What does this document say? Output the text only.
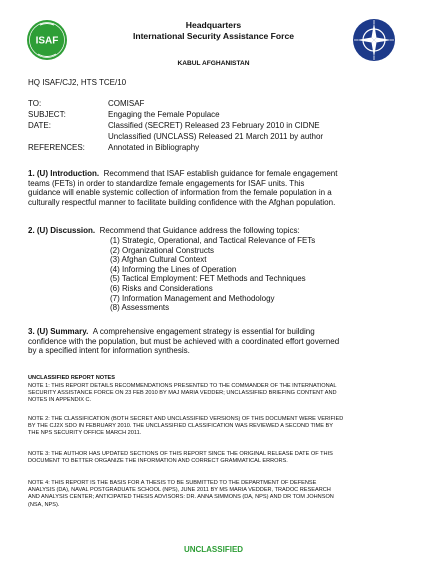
ISAF
Headquarters
International Security Assistance Force
KABUL AFGHANISTAN
HQ ISAF/CJ2, HTS TCE/10
TO:	COMISAF
SUBJECT:	Engaging the Female Populace
DATE:	Classified (SECRET) Released 23 February 2010 in CIDNE
Unclassified (UNCLASS) Released 21 March 2011 by author
REFERENCES:	Annotated in Bibliography
1. (U) Introduction. Recommend that ISAF establish guidance for female engagement
teams (FETs) in order to standardize female engagements for ISAF units. This
guidance will enable systemic collection of information from the female population in a
culturally respectful manner to facilitate building confidence with the Afghan population.
2. (U) Discussion. Recommend that Guidance address the following topics:
(1) Strategic, Operational, and Tactical Relevance of FETs
(2) Organizational Constructs
(3) Afghan Cultural Context
(4) Informing the Lines of Operation
(5) Tactical Employment: FET Methods and Techniques
(6) Risks and Considerations
(7) Information Management and Methodology
(8) Assessments
3. (U) Summary. A comprehensive engagement strategy is essential for building
confidence with the population, but must be achieved with a coordinated effort governed
by a specified intent for information synthesis.
UNCLASSIFIED REPORT NOTES
NOTE 1: THIS REPORT DETAILS RECOMMENDATIONS PRESENTED TO THE COMMANDER OF THE INTERNATIONAL
SECURITY ASSISTANCE FORCE ON 23 FEB 2010 BY MAJ MARIA VEDDER; UNCLASSIFIED BRIEFING CONTENT AND
NOTES IN APPENDIX C.
NOTE 2: THE CLASSIFICATION (BOTH SECRET AND UNCLASSIFIED VERSIONS) OF THIS DOCUMENT WERE VERIFIED
BY THE CJ2X SDO IN FEBRUARY 2010. THE UNCLASSIFIED CLASSIFICATION WAS REVIEWED A SECOND TIME BY
THE NPS SECURITY OFFICE MARCH 2011.
NOTE 3: THE AUTHOR HAS UPDATED SECTIONS OF THIS REPORT SINCE THE ORIGINAL RELEASE DATE OF THIS
DOCUMENT TO BETTER ORGANIZE THE INFORMATION AND CORRECT GRAMMATICAL ERRORS.
NOTE 4: THIS REPORT IS THE BASIS FOR A THESIS TO BE SUBMITTED TO THE DEPARTMENT OF DEFENSE
ANALYSIS (DA), NAVAL POSTGRADUATE SCHOOL (NPS), JUNE 2011 BY MS MARIA VEDDER, TRADOC RESEARCH
AND ANALYSIS CENTER; ANTICIPATED THESIS ADVISORS: DR. ANNA SIMMONS (DA, NPS) AND DR TOM JOHNSON
(NSA, NPS).
UNCLASSIFIED
